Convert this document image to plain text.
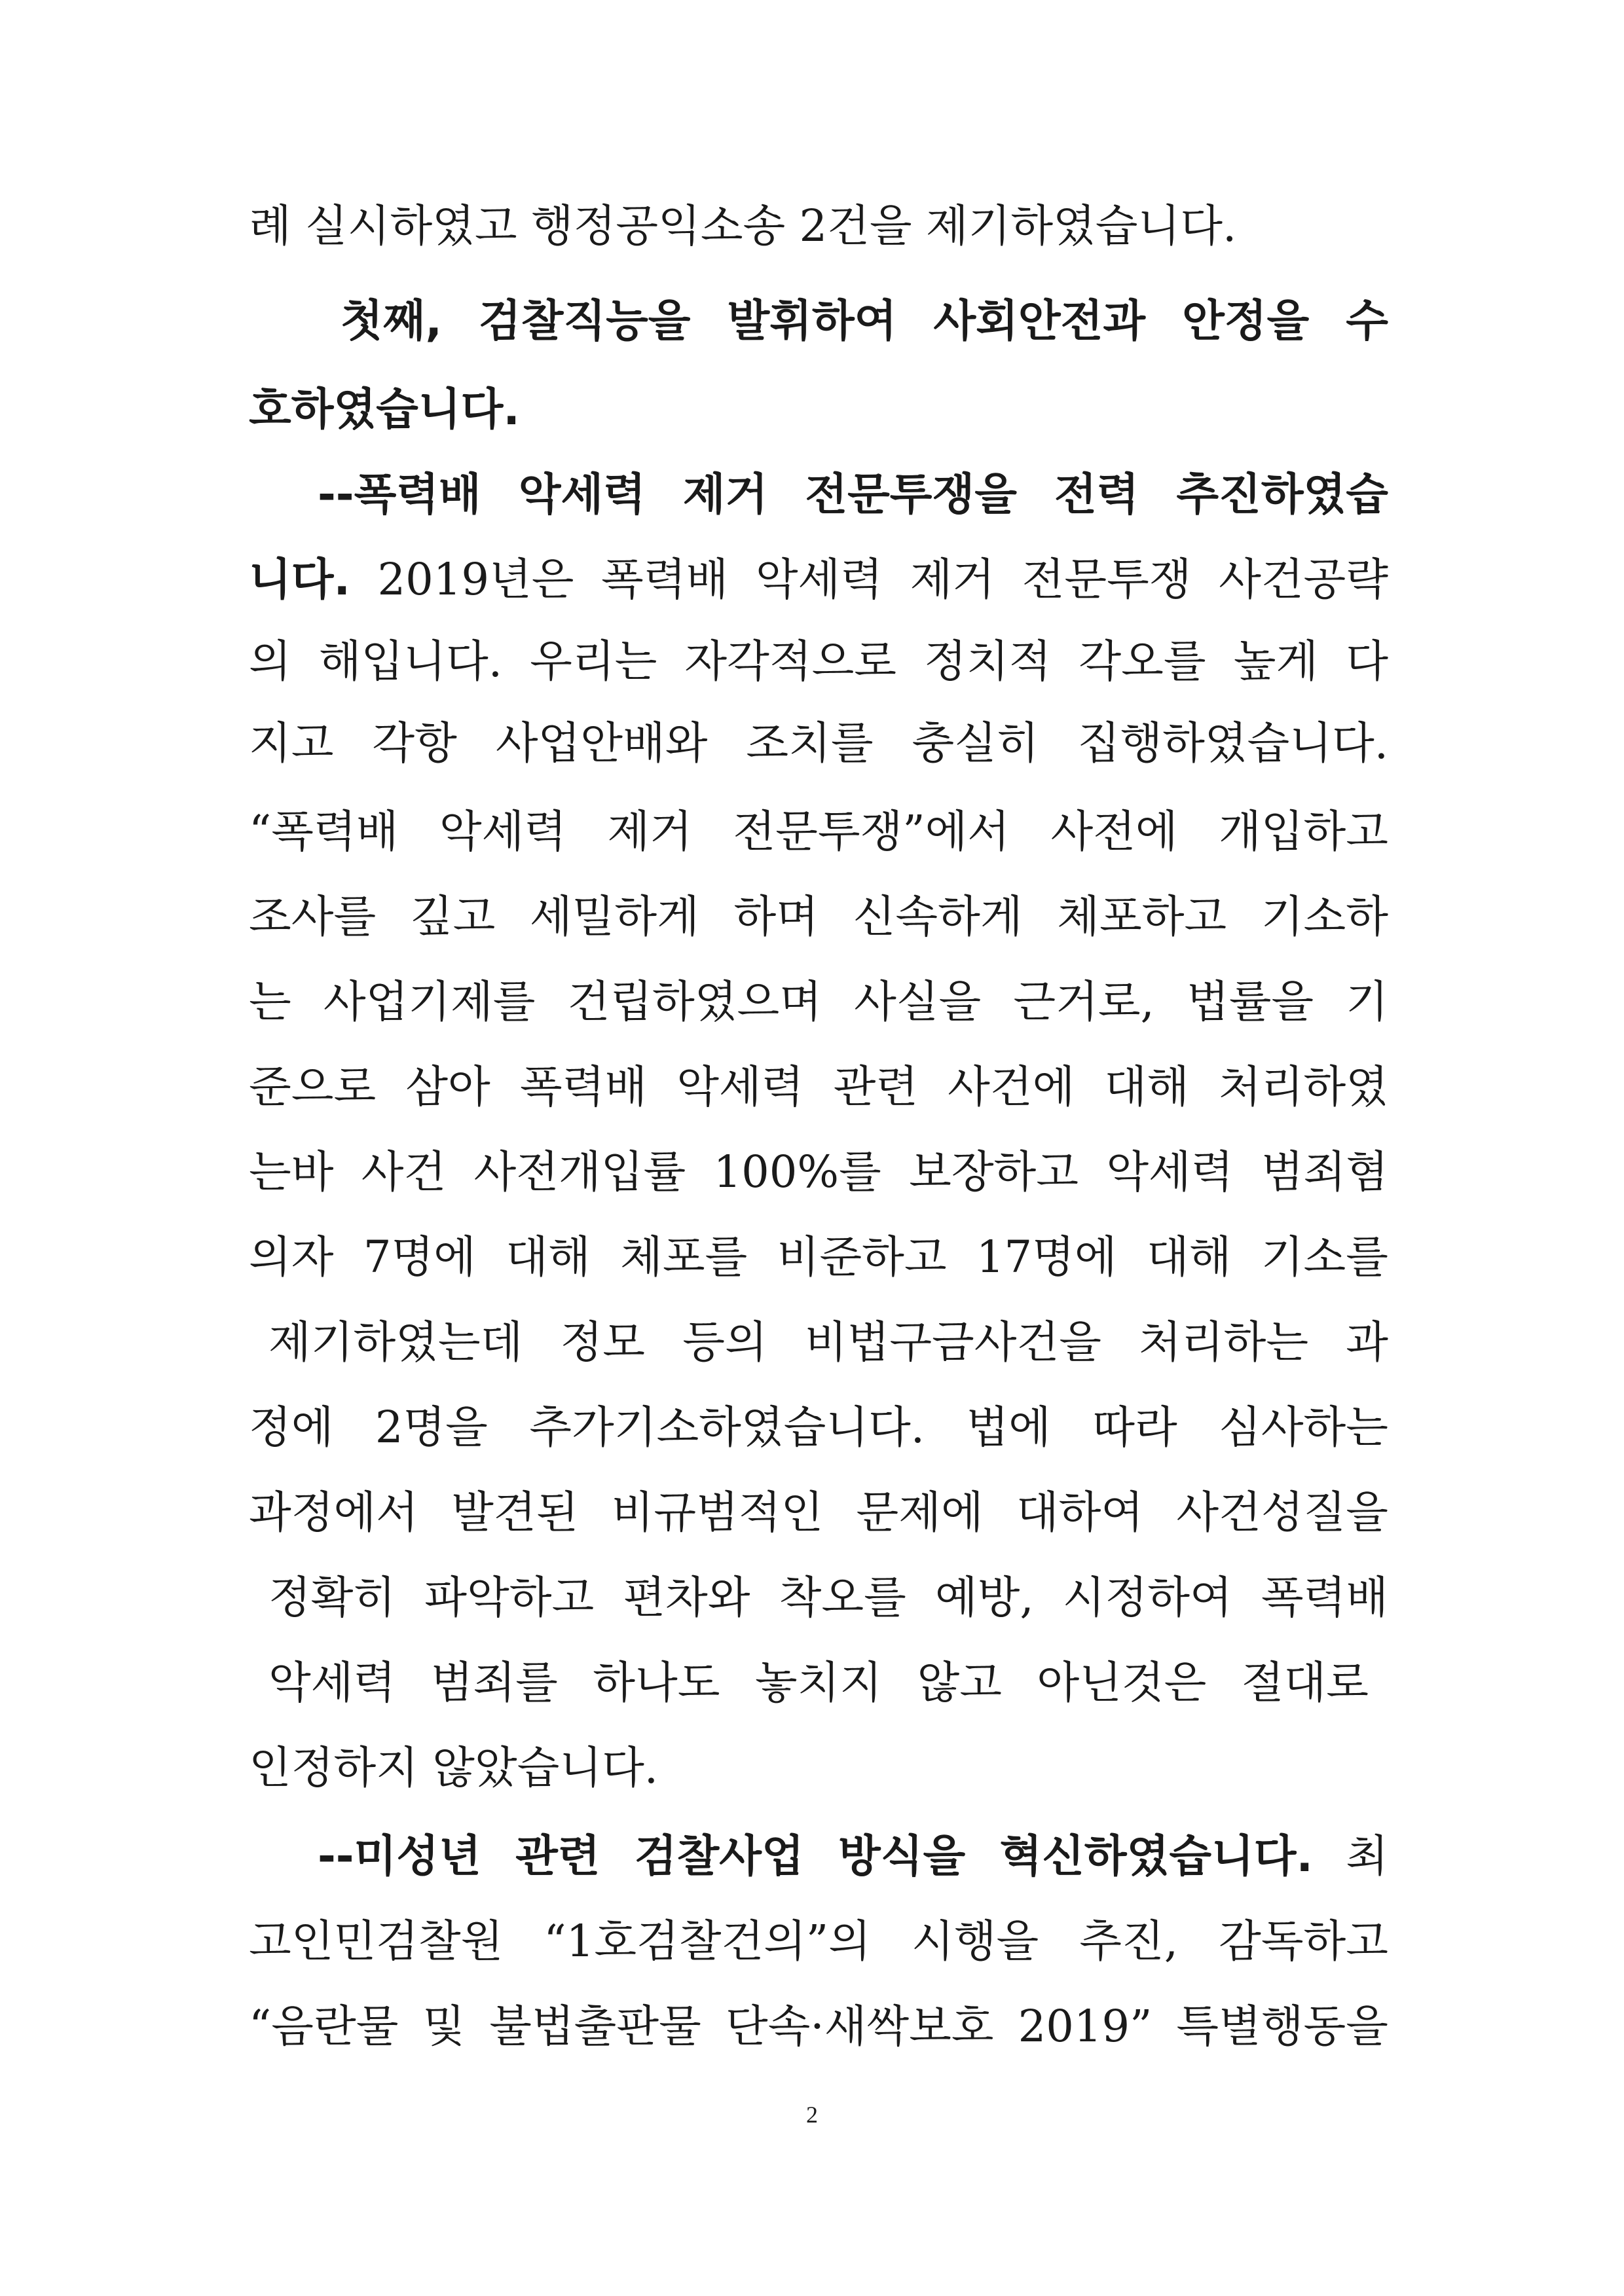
례 실시하였고 행정공익소송 2건을 제기하였습니다.
첫째, 검찰직능을 발휘하여 사회안전과 안정을 수
호하였습니다.
--폭력배 악세력 제거 전문투쟁을 전력 추진하였습
니다. 2019년은 폭력배 악세력 제거 전문투쟁 사건공략
의 해입니다. 우리는 자각적으로 정치적 각오를 높게 다
지고 각항 사업안배와 조치를 충실히 집행하였습니다.
“폭력배 악세력 제거 전문투쟁”에서 사전에 개입하고
조사를 깊고 세밀하게 하며 신속하게 체포하고 기소하
는 사업기제를 건립하였으며 사실을 근거로, 법률을 기
준으로 삼아 폭력배 악세력 관련 사건에 대해 처리하였
는바 사건 사전개입률 100%를 보장하고 악세력 범죄혐
의자 7명에 대해 체포를 비준하고 17명에 대해 기소를
제기하였는데 정모 등의 비법구금사건을 처리하는 과
정에 2명을 추가기소하였습니다. 법에 따라 심사하는
과정에서 발견된 비규범적인 문제에 대하여 사건성질을
정확히 파악하고 편차와 착오를 예방, 시정하여 폭력배
악세력 범죄를 하나도 놓치지 않고 아닌것은 절대로
인정하지 않았습니다.
--미성년 관련 검찰사업 방식을 혁신하였습니다. 최
고인민검찰원 “1호검찰건의”의 시행을 추진, 감독하고
“음란물 및 불법출판물 단속·새싹보호 2019” 특별행동을
2
